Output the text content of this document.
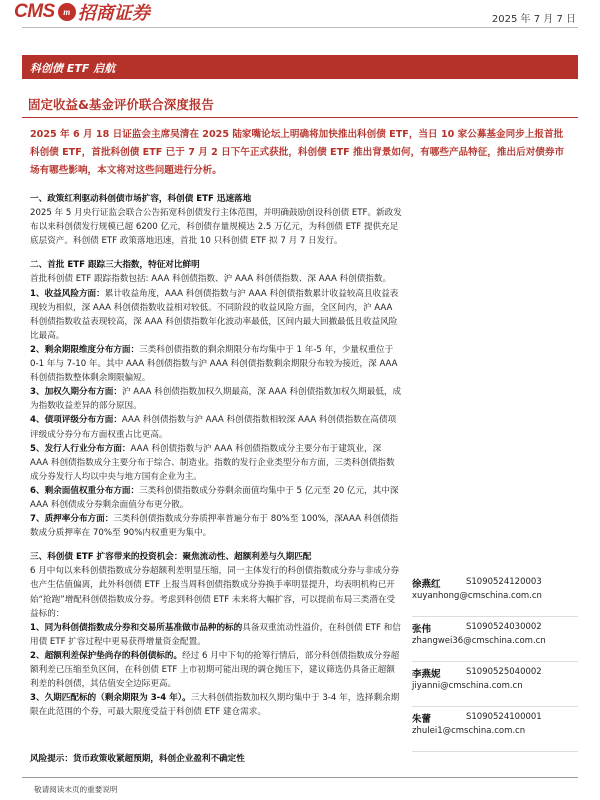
CMS m 招商证券	2025 年 7 月 7 日
科创债 ETF 启航
固定收益&基金评价联合深度报告
2025 年 6 月 18 日证监会主席吴清在 2025 陆家嘴论坛上明确将加快推出科创债 ETF，当日 10 家公募基金同步上报首批科创债 ETF，首批科创债 ETF 已于 7 月 2 日下午正式获批，科创债 ETF 推出背景如何，有哪些产品特征，推出后对债券市场有哪些影响，本文将对这些问题进行分析。

一、政策红利驱动科创债市场扩容，科创债 ETF 迅速落地

2025 年 5 月央行证监会联合公告拓宽科创债发行主体范围，并明确鼓励创设科创债 ETF。新政发布以来科创债发行规模已超 6200 亿元，科创债存量规模达 2.5 万亿元，为科创债 ETF 提供充足底层资产。科创债 ETF 政策落地迅速，首批 10 只科创债 ETF 拟 7 月 7 日发行。

二、首批 ETF 跟踪三大指数，特征对比鲜明

首批科创债 ETF 跟踪指数包括: AAA 科创债指数、沪 AAA 科创债指数、深 AAA 科创债指数。

1、收益风险方面：累计收益角度，AAA 科创债指数与沪 AAA 科创债指数累计收益较高且收益表现较为相似，深 AAA 科创债指数收益相对较低。不同阶段的收益风险方面，全区间内，沪 AAA 科创债指数收益表现较高，深 AAA 科创债指数年化波动率最低，区间内最大回撤最低且收益风险比最高。

2、剩余期限维度分布方面：三类科创债指数的剩余期限分布均集中于 1 年-5 年，少量权重位于 0-1 年与 7-10 年。其中 AAA 科创债指数与沪 AAA 科创债指数剩余期限分布较为接近，深 AAA 科创债指数整体剩余期限偏短。

3、加权久期分布方面：沪 AAA 科创债指数加权久期最高，深 AAA 科创债指数加权久期最低，成为指数收益差异的部分原因。

4、债项评级分布方面：AAA 科创债指数与沪 AAA 科创债指数相较深 AAA 科创债指数在高债项评级成分券分布方面权重占比更高。

5、发行人行业分布方面：AAA 科创债指数与沪 AAA 科创债指数成分主要分布于建筑业，深 AAA 科创债指数成分主要分布于综合、制造业。指数的发行企业类型分布方面，三类科创债指数成分券发行人均以中央与地方国有企业为主。

6、剩余面值权重分布方面：三类科创债指数成分券剩余面值均集中于 5 亿元至 20 亿元，其中深 AAA 科创债成分券剩余面值分布更分散。

7、质押率分布方面：三类科创债指数成分券质押率普遍分布于 80%至 100%，深AAA 科创债指数成分质押率在 70%至 90%内权重更为集中。

三、科创债 ETF 扩容带来的投资机会：聚焦流动性、超额利差与久期匹配

6 月中旬以来科创债指数成分券超额利差明显压缩，同一主体发行的科创债指数成分券与非成分券也产生估值偏离，此外科创债 ETF 上报当周科创债指数成分券换手率明显提升，均表明机构已开始“抢跑”增配科创债指数成分券。考虑到科创债 ETF 未来将大幅扩容，可以提前布局三类潜在受益标的：

1、同为科创债指数成分券和交易所基准做市品种的标的具备双重流动性溢价，在科创债 ETF 和信用债 ETF 扩容过程中更易获得增量资金配置。

2、超额利差保护垫尚存的科创债标的。经过 6 月中下旬的抢筹行情后，部分科创债指数成分券超额利差已压缩至负区间，在科创债 ETF 上市初期可能出现的调仓抛压下，建议筛选仍具备正超额利差的科创债，其估值安全边际更高。

3、久期匹配标的（剩余期限为 3-4 年）。三大科创债指数加权久期均集中于 3-4 年，选择剩余期限在此范围的个券，可最大限度受益于科创债 ETF 建仓需求。

风险提示：货币政策收紧超预期，科创企业盈利不确定性
敬请阅读末页的重要说明
徐燕红	S1090524120003
xuyanhong@cmschina.com.cn
张伟	S1090524030002
zhangwei36@cmschina.com.cn
李燕妮	S1090525040002
jiyanni@cmschina.com.cn
朱蕾	S1090524100001
zhulei1@cmschina.com.cn
